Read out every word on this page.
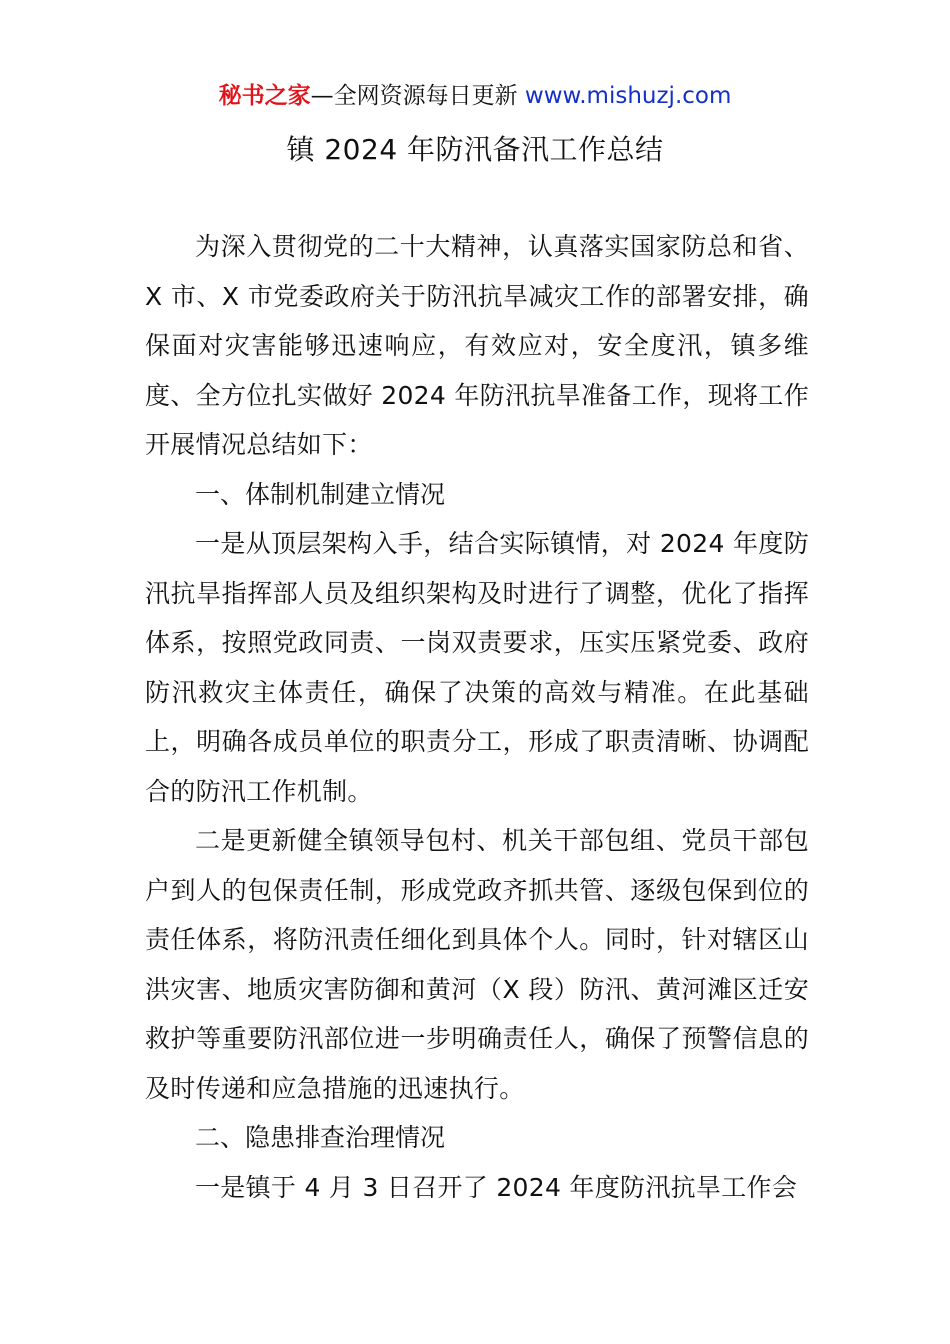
秘书之家—全网资源每日更新 www.mishuzj.com
镇 2024 年防汛备汛工作总结

为深入贯彻党的二十大精神，认真落实国家防总和省、X 市、X 市党委政府关于防汛抗旱减灾工作的部署安排，确保面对灾害能够迅速响应，有效应对，安全度汛，镇多维度、全方位扎实做好 2024 年防汛抗旱准备工作，现将工作开展情况总结如下：

一、体制机制建立情况

一是从顶层架构入手，结合实际镇情，对 2024 年度防汛抗旱指挥部人员及组织架构及时进行了调整，优化了指挥体系，按照党政同责、一岗双责要求，压实压紧党委、政府防汛救灾主体责任，确保了决策的高效与精准。在此基础上，明确各成员单位的职责分工，形成了职责清晰、协调配合的防汛工作机制。

二是更新健全镇领导包村、机关干部包组、党员干部包户到人的包保责任制，形成党政齐抓共管、逐级包保到位的责任体系，将防汛责任细化到具体个人。同时，针对辖区山洪灾害、地质灾害防御和黄河（X 段）防汛、黄河滩区迁安救护等重要防汛部位进一步明确责任人，确保了预警信息的及时传递和应急措施的迅速执行。

二、隐患排查治理情况

一是镇于 4 月 3 日召开了 2024 年度防汛抗旱工作会
